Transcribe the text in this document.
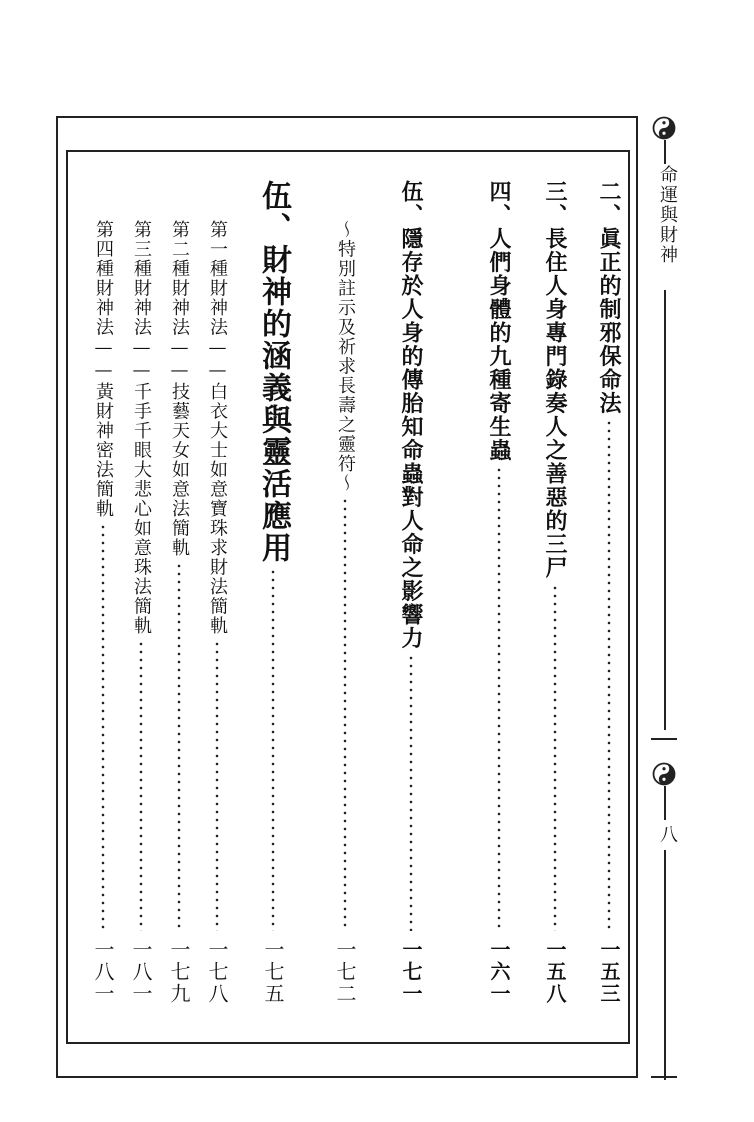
二、眞正的制邪保命法
一五三
三、長住人身專門錄奏人之善惡的三尸
一五八
四、人們身體的九種寄生蟲
一六一
伍、隱存於人身的傳胎知命蟲對人命之影響力
一七一
～特別註示及祈求長壽之靈符～
一七二
伍、財神的涵義與靈活應用
一七五
第一種財神法——白衣大士如意寶珠求財法簡軌
一七八
第二種財神法——技藝天女如意法簡軌
一七九
第三種財神法——千手千眼大悲心如意珠法簡軌
一八一
第四種財神法——黃財神密法簡軌
一八一
命運與財神
八
